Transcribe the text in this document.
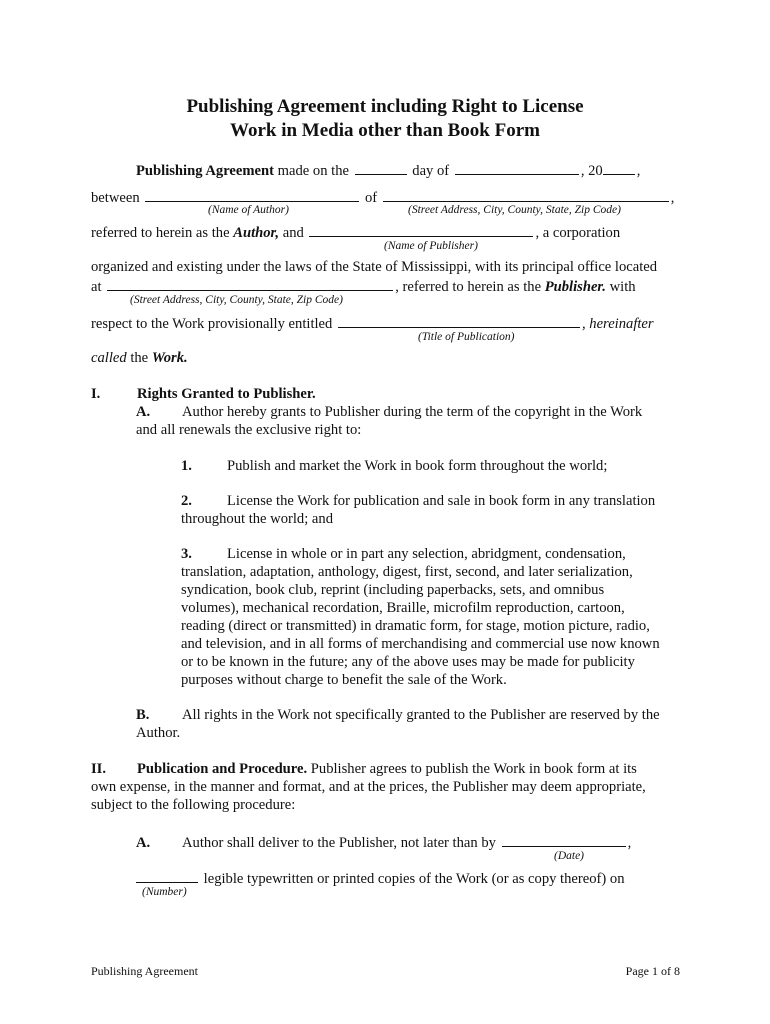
Publishing Agreement including Right to License
Work in Media other than Book Form
Publishing Agreement made on the	day of	, 20 ,
between	of	,
(Name of Author)	(Street Address, City, County, State, Zip Code)
referred to herein as the Author, and	, a corporation
(Name of Publisher)
organized and existing under the laws of the State of Mississippi, with its principal office located
at	, referred to herein as the Publisher. with
(Street Address, City, County, State, Zip Code)
respect to the Work provisionally entitled	, hereinafter
(Title of Publication)
called the Work.
I.	Rights Granted to Publisher.
A. Author hereby grants to Publisher during the term of the copyright in the Work
and all renewals the exclusive right to:
1. Publish and market the Work in book form throughout the world;
2. License the Work for publication and sale in book form in any translation
throughout the world; and
3. License in whole or in part any selection, abridgment, condensation,
translation, adaptation, anthology, digest, first, second, and later serialization,
syndication, book club, reprint (including paperbacks, sets, and omnibus
volumes), mechanical recordation, Braille, microfilm reproduction, cartoon,
reading (direct or transmitted) in dramatic form, for stage, motion picture, radio,
and television, and in all forms of merchandising and commercial use now known
or to be known in the future; any of the above uses may be made for publicity
purposes without charge to benefit the sale of the Work.
B. All rights in the Work not specifically granted to the Publisher are reserved by the
Author.
II. Publication and Procedure. Publisher agrees to publish the Work in book form at its
own expense, in the manner and format, and at the prices, the Publisher may deem appropriate,
subject to the following procedure:
A. Author shall deliver to the Publisher, not later than by	,
(Date)
legible typewritten or printed copies of the Work (or as copy thereof) on
(Number)
Publishing Agreement	Page 1 of 8
